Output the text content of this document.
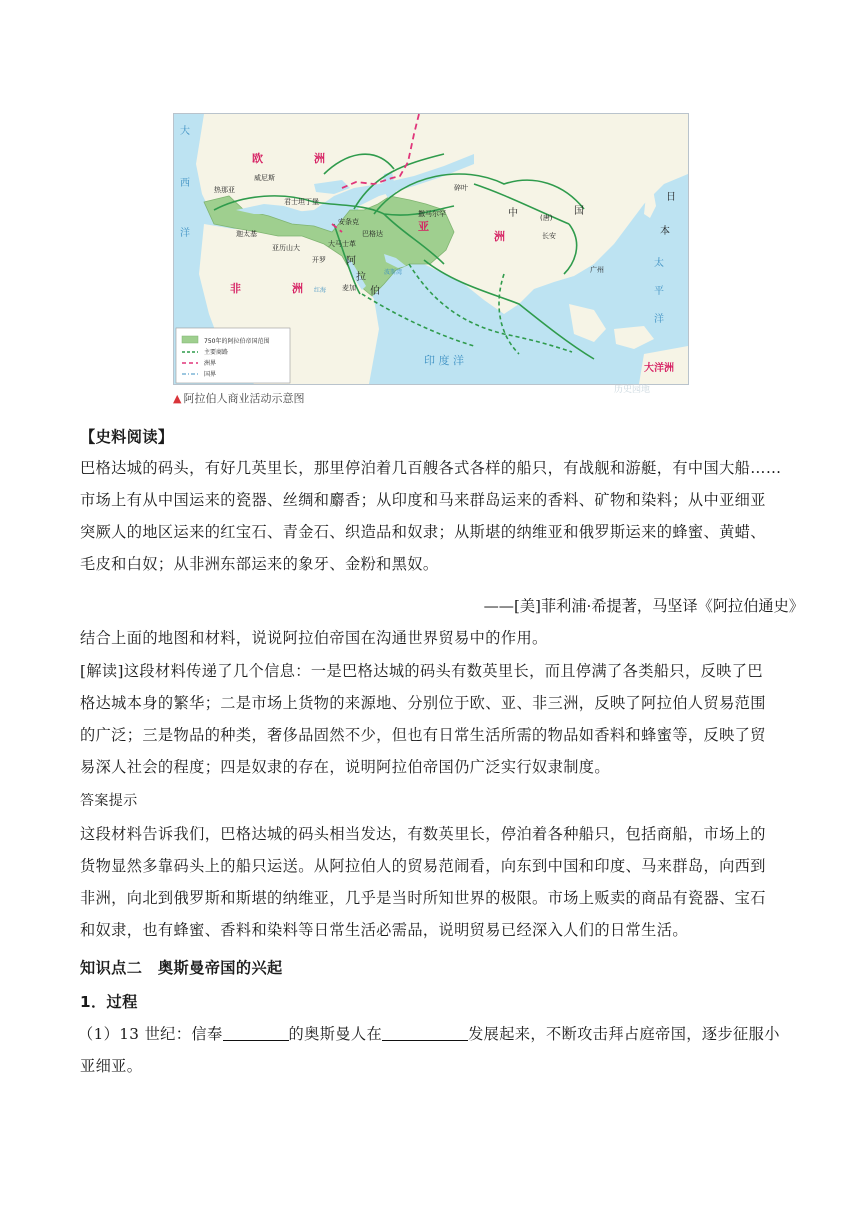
欧	洲
亚
洲
非	洲
大洋洲
大
西
洋
太
平
洋
印 度 洋
红海
波斯湾
阿
拉
伯
中	(唐)
国
日
本
威尼斯
热那亚
君士坦丁堡
迦太基
亚历山大	大马士革
安条克
巴格达
撒马尔罕
碎叶
长安
广州
开罗
麦加
750年的阿拉伯帝国范围
主要商路
洲界
国界
历史园地
▲ 阿拉伯人商业活动示意图
【史料阅读】
巴格达城的码头，有好几英里长，那里停泊着几百艘各式各样的船只，有战舰和游艇，有中国大船……
市场上有从中国运来的瓷器、丝绸和麝香；从印度和马来群岛运来的香料、矿物和染料；从中亚细亚
突厥人的地区运来的红宝石、青金石、织造品和奴隶；从斯堪的纳维亚和俄罗斯运来的蜂蜜、黄蜡、
毛皮和白奴；从非洲东部运来的象牙、金粉和黑奴。
——[美]菲利浦·希提著，马坚译《阿拉伯通史》
结合上面的地图和材料，说说阿拉伯帝国在沟通世界贸易中的作用。
[解读]这段材料传递了几个信息：一是巴格达城的码头有数英里长，而且停满了各类船只，反映了巴
格达城本身的繁华；二是市场上货物的来源地、分别位于欧、亚、非三洲，反映了阿拉伯人贸易范围
的广泛；三是物品的种类，奢侈品固然不少，但也有日常生活所需的物品如香料和蜂蜜等，反映了贸
易深人社会的程度；四是奴隶的存在，说明阿拉伯帝国仍广泛实行奴隶制度。
答案提示
这段材料告诉我们，巴格达城的码头相当发达，有数英里长，停泊着各种船只，包括商船，市场上的
货物显然多靠码头上的船只运送。从阿拉伯人的贸易范闹看，向东到中国和印度、马来群岛，向西到
非洲，向北到俄罗斯和斯堪的纳维亚，几乎是当时所知世界的极限。市场上贩卖的商品有瓷器、宝石
和奴隶，也有蜂蜜、香料和染料等日常生活必需品，说明贸易已经深入人们的日常生活。
知识点二　奥斯曼帝国的兴起
1．过程
（1）13 世纪：信奉	的奥斯曼人在	发展起来，不断攻击拜占庭帝国，逐步征服小
亚细亚。
